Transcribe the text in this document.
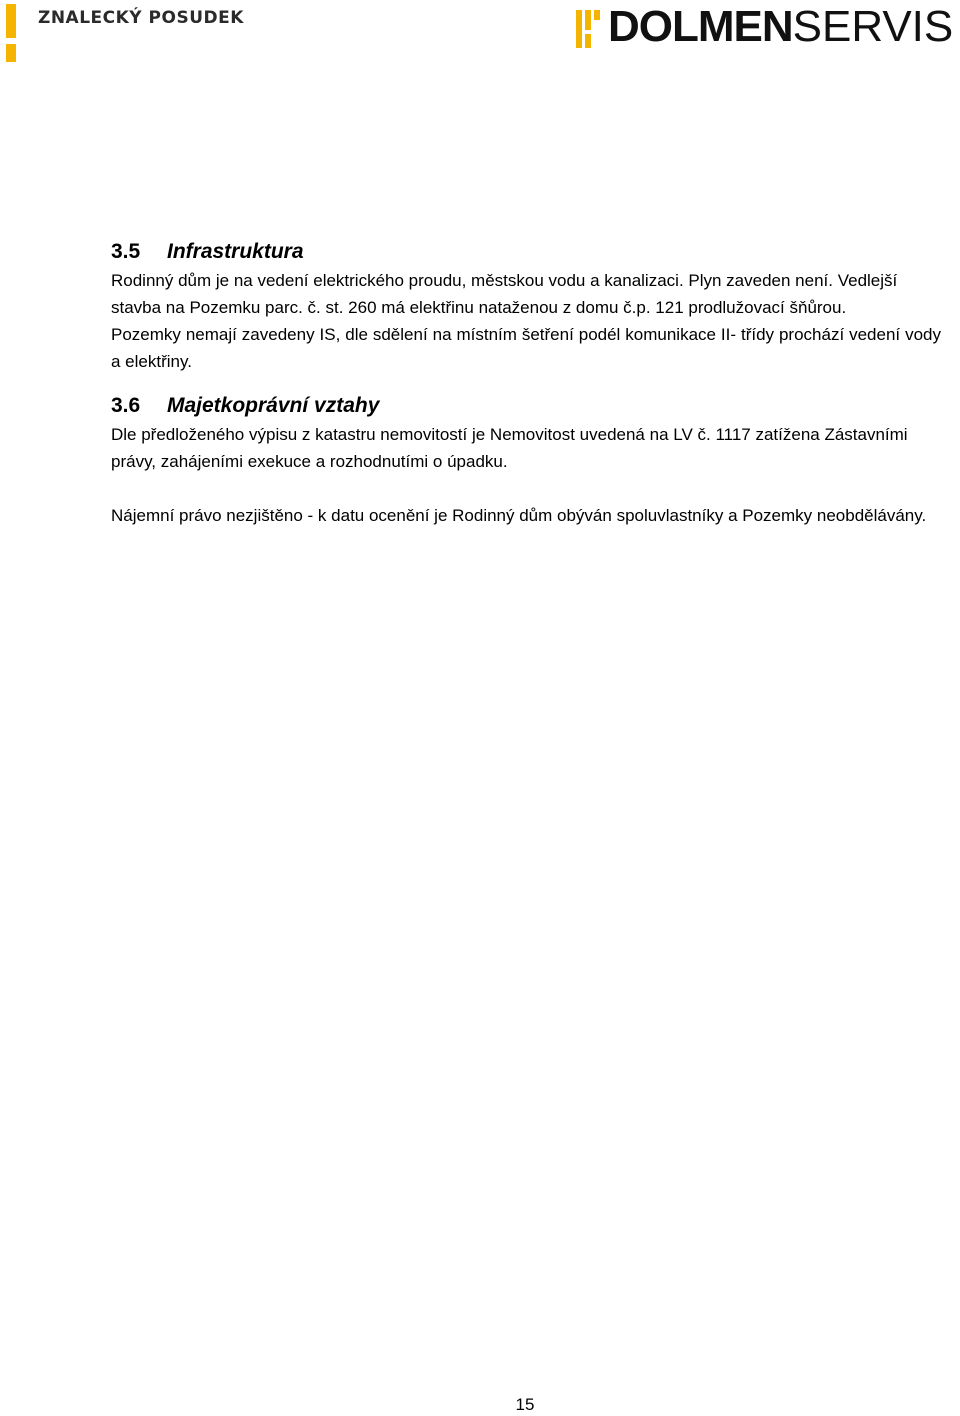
ZNALECKÝ POSUDEK	DOLMENSERVIS
3.5 Infrastruktura

Rodinný dům je na vedení elektrického proudu, městskou vodu a kanalizaci. Plyn zaveden není. Vedlejší stavba na Pozemku parc. č. st. 260 má elektřinu nataženou z domu č.p. 121 prodlužovací šňůrou.

Pozemky nemají zavedeny IS, dle sdělení na místním šetření podél komunikace II- třídy prochází vedení vody a elektřiny.

3.6 Majetkoprávní vztahy

Dle předloženého výpisu z katastru nemovitostí je Nemovitost uvedená na LV č. 1117 zatížena Zástavními právy, zahájeními exekuce a rozhodnutími o úpadku.

Nájemní právo nezjištěno - k datu ocenění je Rodinný dům obýván spoluvlastníky a Pozemky neobdělávány.

15
